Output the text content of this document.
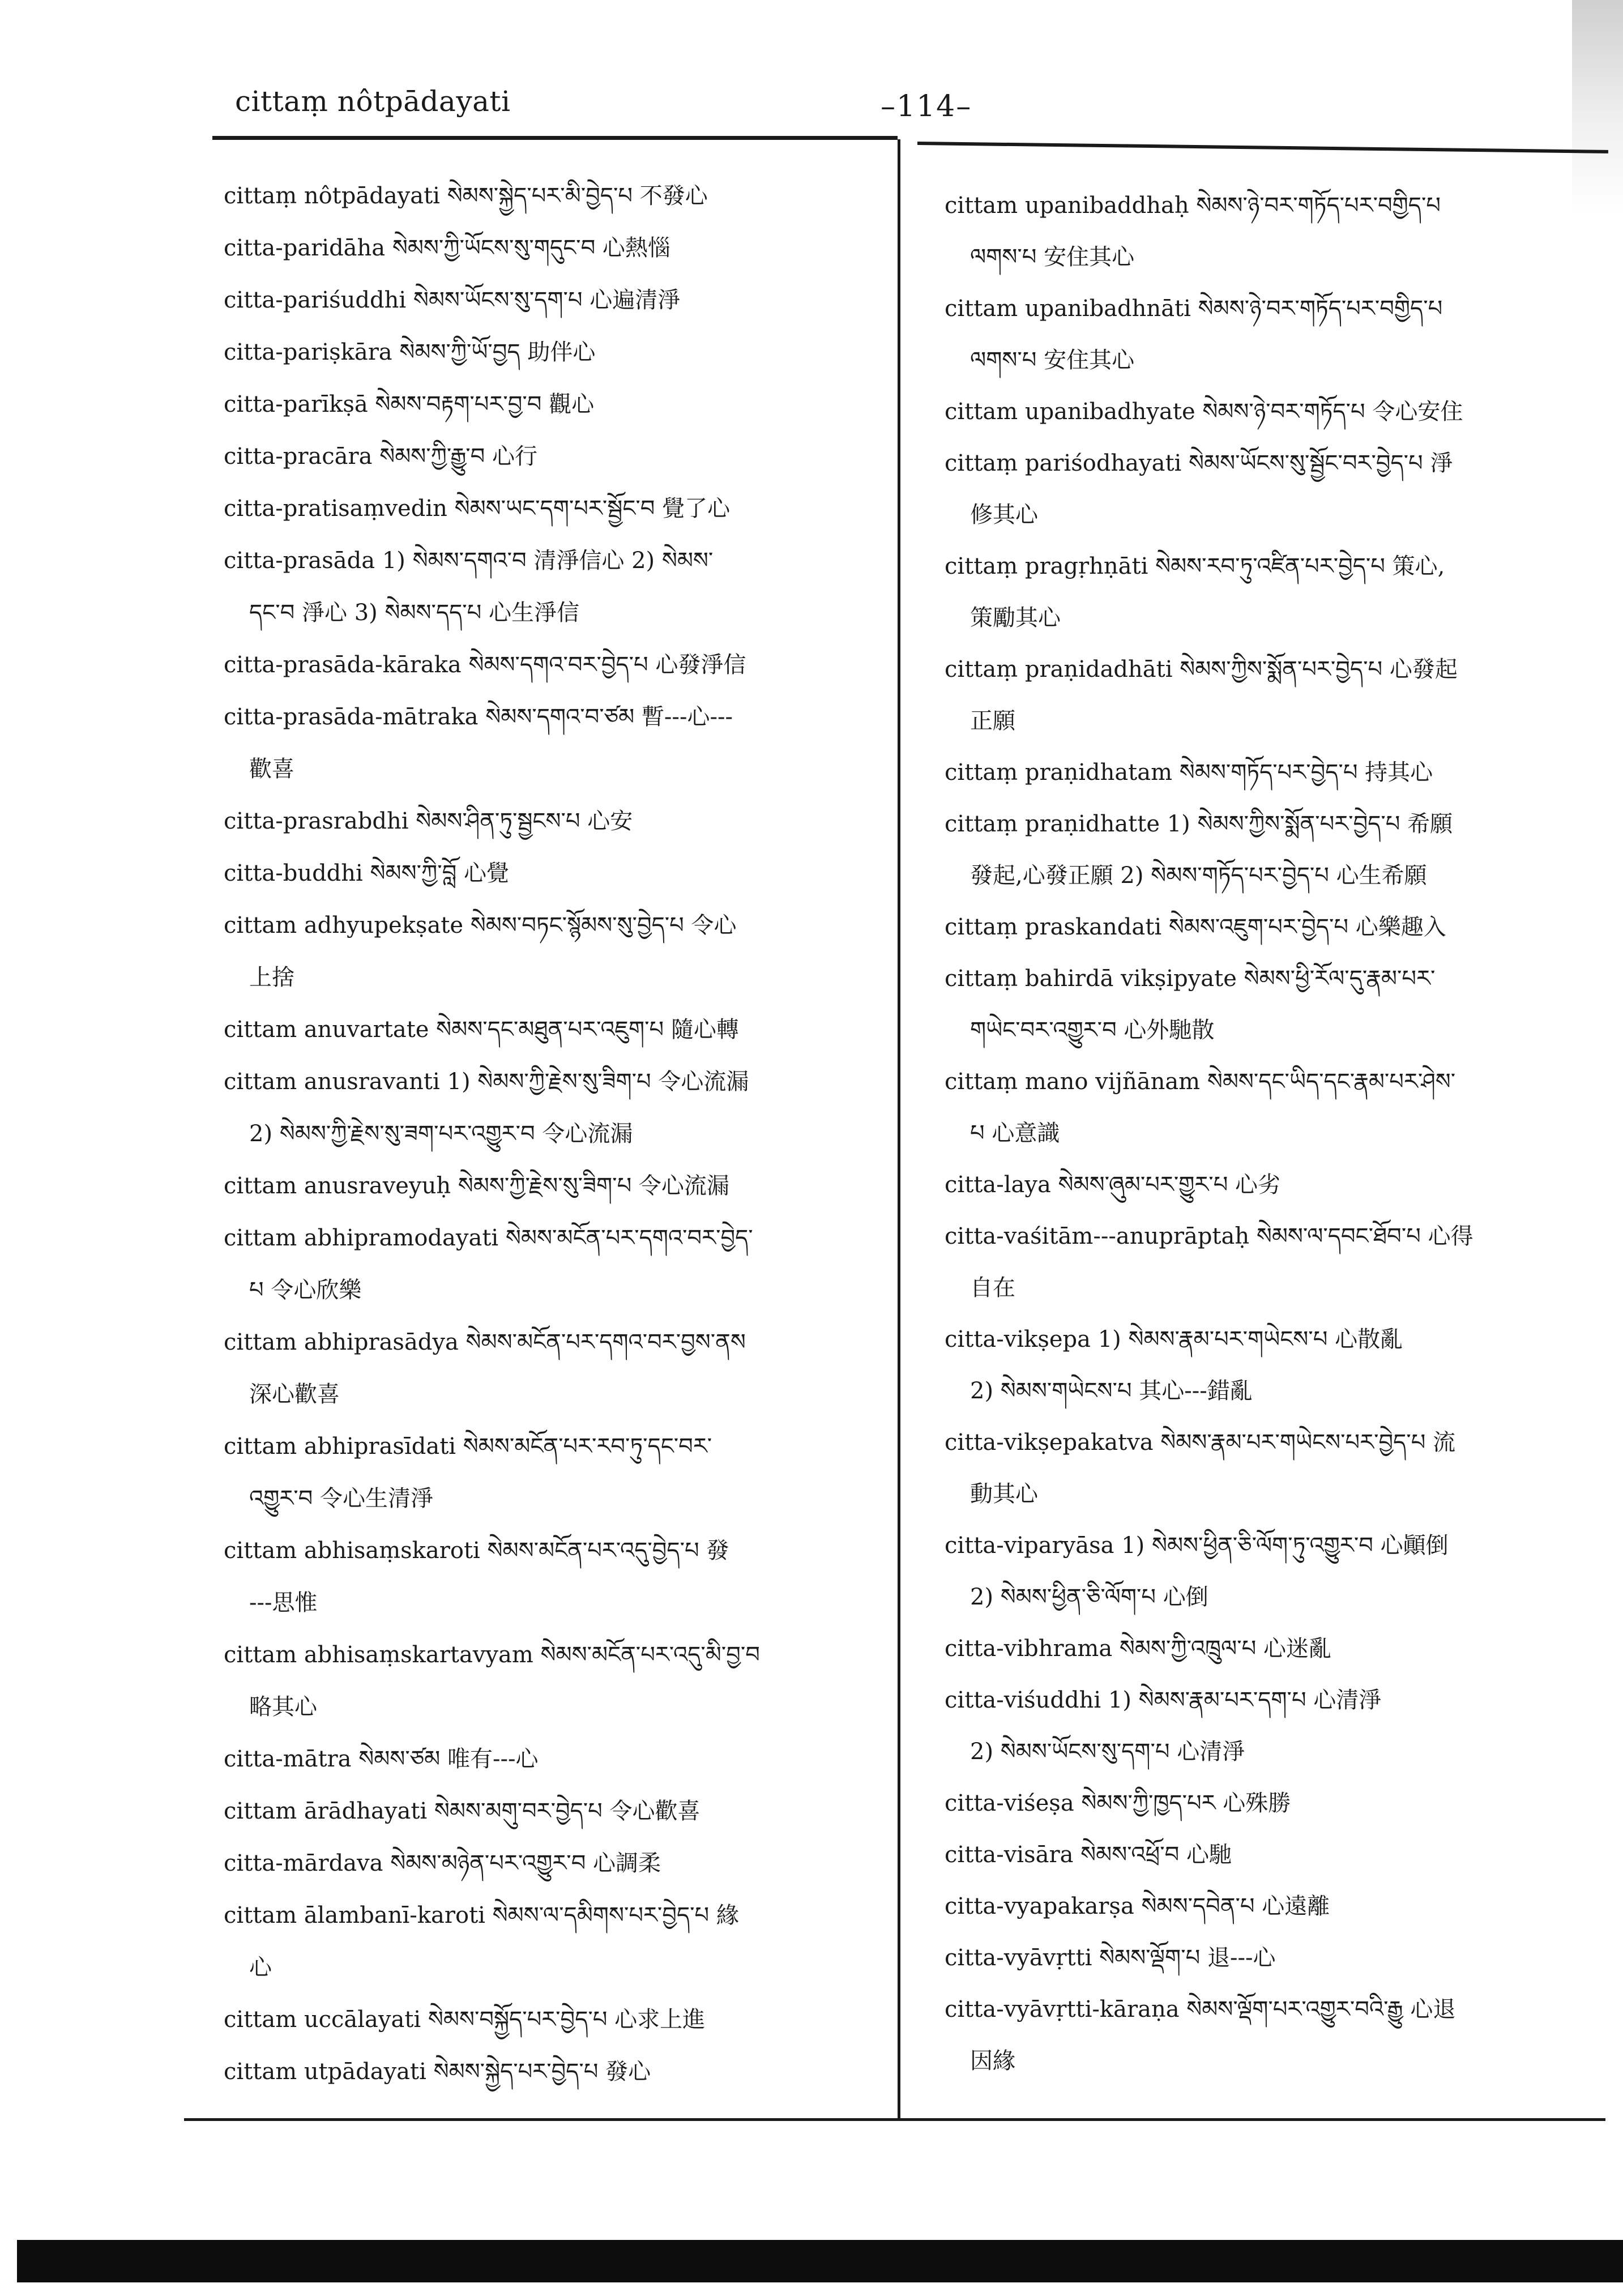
cittaṃ nôtpādayati	–114–

cittaṃ nôtpādayati སེམས་སྐྱེད་པར་མི་བྱེད་པ 不發心

citta-paridāha སེམས་ཀྱི་ཡོངས་སུ་གདུང་བ 心熱惱

citta-pariśuddhi སེམས་ཡོངས་སུ་དག་པ 心遍清淨

citta-pariṣkāra སེམས་ཀྱི་ཡོ་བྱད 助伴心

citta-parīkṣā སེམས་བརྟག་པར་བྱ་བ 觀心

citta-pracāra སེམས་ཀྱི་རྒྱུ་བ 心行

citta-pratisaṃvedin སེམས་ཡང་དག་པར་སྦྱོང་བ 覺了心

citta-prasāda 1) སེམས་དགའ་བ 清淨信心 2) སེམས་
དང་བ 淨心 3) སེམས་དད་པ 心生淨信

citta-prasāda-kāraka སེམས་དགའ་བར་བྱེད་པ 心發淨信

citta-prasāda-mātraka སེམས་དགའ་བ་ཙམ 暫---心---
歡喜

citta-prasrabdhi སེམས་ཤིན་ཏུ་སྦྱངས་པ 心安

citta-buddhi སེམས་ཀྱི་བློ 心覺

cittam adhyupekṣate སེམས་བཏང་སྙོམས་སུ་བྱེད་པ 令心
上捨

cittam anuvartate སེམས་དང་མཐུན་པར་འཇུག་པ 隨心轉

cittam anusravanti 1) སེམས་ཀྱི་རྗེས་སུ་ཟིག་པ 令心流漏
2) སེམས་ཀྱི་རྗེས་སུ་ཟག་པར་འགྱུར་བ 令心流漏

cittam anusraveyuḥ སེམས་ཀྱི་རྗེས་སུ་ཟིག་པ 令心流漏

cittam abhipramodayati སེམས་མངོན་པར་དགའ་བར་བྱེད་
པ 令心欣樂

cittam abhiprasādya སེམས་མངོན་པར་དགའ་བར་བྱས་ནས
深心歡喜

cittam abhiprasīdati སེམས་མངོན་པར་རབ་ཏུ་དང་བར་
འགྱུར་བ 令心生清淨

cittam abhisaṃskaroti སེམས་མངོན་པར་འདུ་བྱེད་པ 發
---思惟

cittam abhisaṃskartavyam སེམས་མངོན་པར་འདུ་མི་བྱ་བ
略其心

citta-mātra སེམས་ཙམ 唯有---心

cittam ārādhayati སེམས་མགུ་བར་བྱེད་པ 令心歡喜

citta-mārdava སེམས་མཉེན་པར་འགྱུར་བ 心調柔

cittam ālambanī-karoti སེམས་ལ་དམིགས་པར་བྱེད་པ 緣
心

cittam uccālayati སེམས་བསྐྱོད་པར་བྱེད་པ 心求上進

cittam utpādayati སེམས་སྐྱེད་པར་བྱེད་པ 發心

cittam upanibaddhaḥ སེམས་ཉེ་བར་གཏོད་པར་བགྱིད་པ
ལགས་པ 安住其心

cittam upanibadhnāti སེམས་ཉེ་བར་གཏོད་པར་བགྱིད་པ
ལགས་པ 安住其心

cittam upanibadhyate སེམས་ཉེ་བར་གཏོད་པ 令心安住

cittaṃ pariśodhayati སེམས་ཡོངས་སུ་སྦྱོང་བར་བྱེད་པ 淨
修其心

cittaṃ pragṛhṇāti སེམས་རབ་ཏུ་འཛིན་པར་བྱེད་པ 策心,
策勵其心

cittaṃ praṇidadhāti སེམས་ཀྱིས་སྨོན་པར་བྱེད་པ 心發起
正願

cittaṃ praṇidhatam སེམས་གཏོད་པར་བྱེད་པ 持其心

cittaṃ praṇidhatte 1) སེམས་ཀྱིས་སྨོན་པར་བྱེད་པ 希願
發起,心發正願 2) སེམས་གཏོད་པར་བྱེད་པ 心生希願

cittaṃ praskandati སེམས་འཇུག་པར་བྱེད་པ 心樂趣入

cittaṃ bahirdā vikṣipyate སེམས་ཕྱི་རོལ་དུ་རྣམ་པར་
གཡེང་བར་འགྱུར་བ 心外馳散

cittaṃ mano vijñānam སེམས་དང་ཡིད་དང་རྣམ་པར་ཤེས་
པ 心意識

citta-laya སེམས་ཞུམ་པར་གྱུར་པ 心劣

citta-vaśitām---anuprāptaḥ སེམས་ལ་དབང་ཐོབ་པ 心得
自在

citta-vikṣepa 1) སེམས་རྣམ་པར་གཡེངས་པ 心散亂
2) སེམས་གཡེངས་པ 其心---錯亂

citta-vikṣepakatva སེམས་རྣམ་པར་གཡེངས་པར་བྱེད་པ 流
動其心

citta-viparyāsa 1) སེམས་ཕྱིན་ཅི་ལོག་ཏུ་འགྱུར་བ 心顚倒
2) སེམས་ཕྱིན་ཅི་ལོག་པ 心倒

citta-vibhrama སེམས་ཀྱི་འཁྲུལ་པ 心迷亂

citta-viśuddhi 1) སེམས་རྣམ་པར་དག་པ 心清淨
2) སེམས་ཡོངས་སུ་དག་པ 心清淨

citta-viśeṣa སེམས་ཀྱི་ཁྱད་པར 心殊勝

citta-visāra སེམས་འཕྲོ་བ 心馳

citta-vyapakarṣa སེམས་དབེན་པ 心遠離

citta-vyāvṛtti སེམས་ལྡོག་པ 退---心

citta-vyāvṛtti-kāraṇa སེམས་ལྡོག་པར་འགྱུར་བའི་རྒྱུ 心退
因緣
